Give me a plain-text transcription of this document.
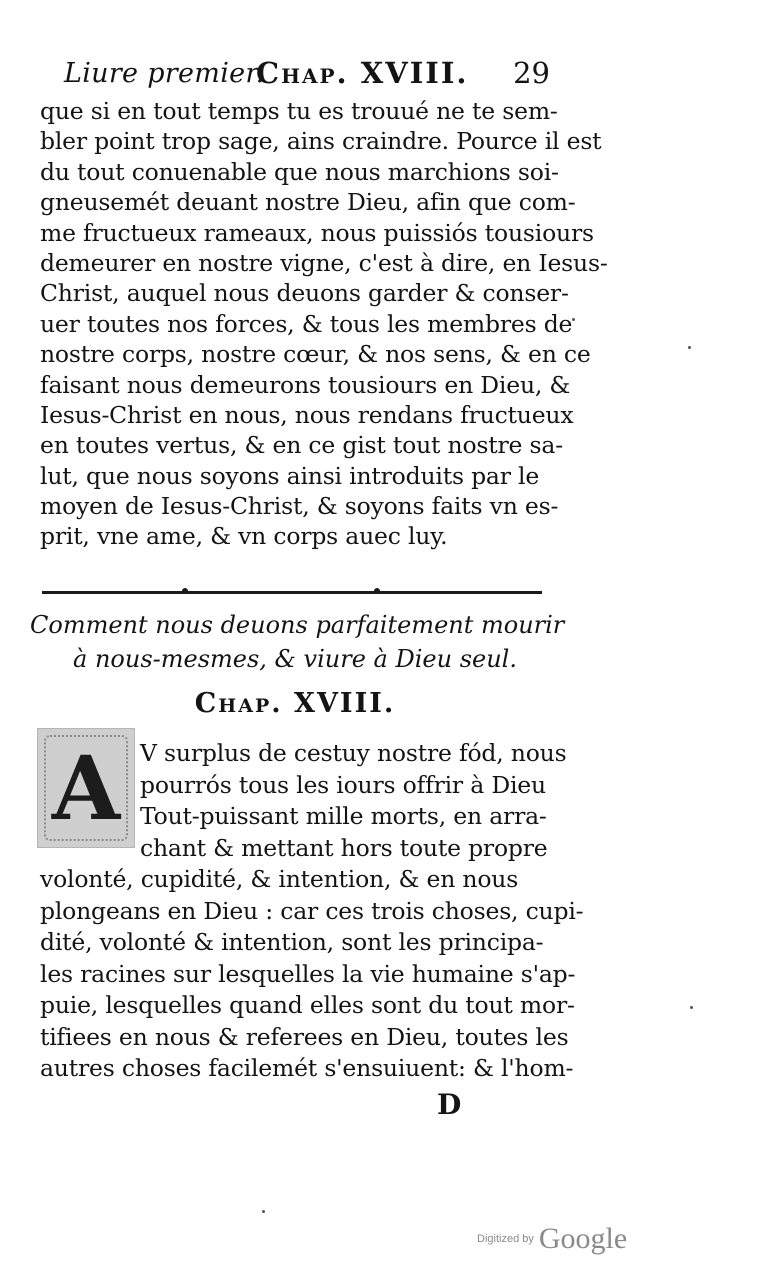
Liure premier.
Chap. XVIII. 29
que si en tout temps tu es trouué ne te sem-
bler point trop sage, ains craindre. Pource il est
du tout conuenable que nous marchions soi-
gneusemét deuant nostre Dieu, afin que com-
me fructueux rameaux, nous puissiós tousiours
demeurer en nostre vigne, c'est à dire, en Iesus-
Christ, auquel nous deuons garder & conser-
uer toutes nos forces, & tous les membres de
nostre corps, nostre cœur, & nos sens, & en ce
faisant nous demeurons tousiours en Dieu, &
Iesus-Christ en nous, nous rendans fructueux
en toutes vertus, & en ce gist tout nostre sa-
lut, que nous soyons ainsi introduits par le
moyen de Iesus-Christ, & soyons faits vn es-
prit, vne ame, & vn corps auec luy.
Comment nous deuons parfaitement mourir
à nous-mesmes, & viure à Dieu seul.
Chap. XVIII.
A V surplus de cestuy nostre fód, nous
pourrós tous les iours offrir à Dieu
Tout-puissant mille morts, en arra-
chant & mettant hors toute propre
volonté, cupidité, & intention, & en nous
plongeans en Dieu : car ces trois choses, cupi-
dité, volonté & intention, sont les principa-
les racines sur lesquelles la vie humaine s'ap-
puie, lesquelles quand elles sont du tout mor-
tifiees en nous & referees en Dieu, toutes les
autres choses facilemét s'ensuiuent: & l'hom-
D
Digitized by Google
